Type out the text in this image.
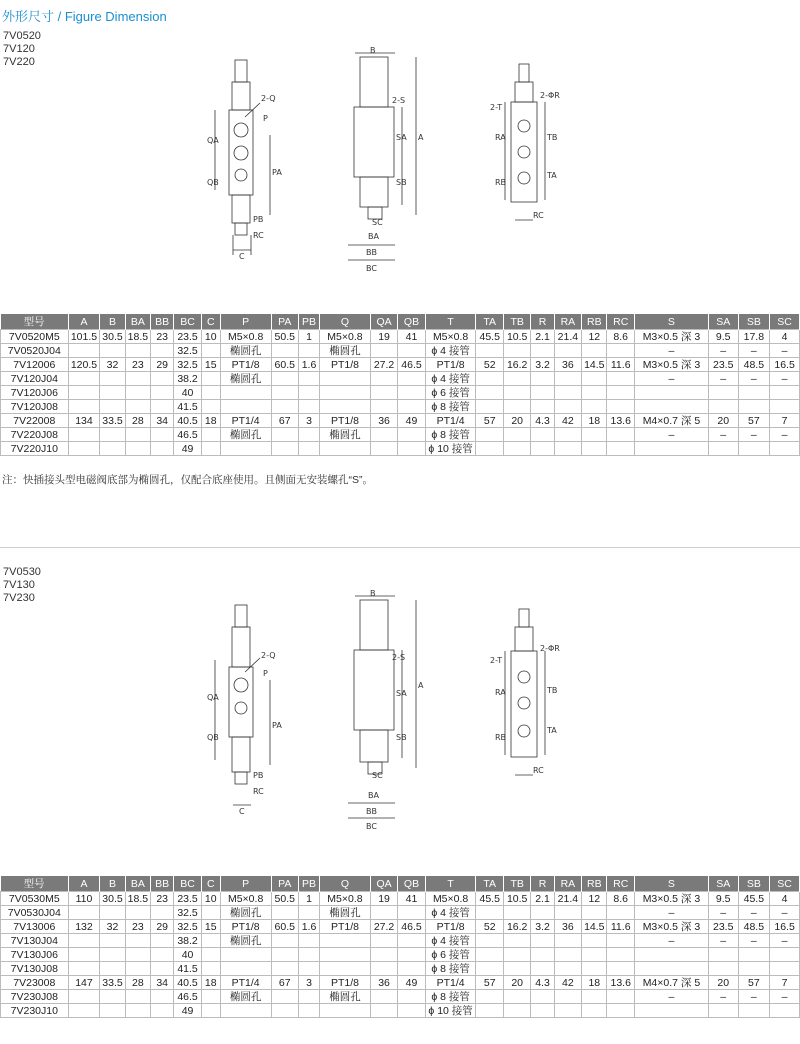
外形尺寸 / Figure Dimension
7V0520
7V120
7V220
2-Q
P
QA
QB
PA
PB
RC
C
B
2-S
A
SA
SB
SC
BA
BB
BC
2-T
2-ΦR
RA
RB
TB
TA
RC
型号	A	B	BA	BB	BC	C	P	PA	PB	Q	QA	QB	T	TA	TB	R	RA	RB	RC	S	SA	SB	SC
7V0520M5	101.5	30.5	18.5	23	23.5	10	M5×0.8	50.5	1	M5×0.8	19	41	M5×0.8	45.5	10.5	2.1	21.4	12	8.6	M3×0.5 深 3	9.5	17.8	4
7V0520J04					32.5		椭圆孔			椭圆孔			ϕ 4 接管							–	–	–	–
7V12006	120.5	32	23	29	32.5	15	PT1/8	60.5	1.6	PT1/8	27.2	46.5	PT1/8	52	16.2	3.2	36	14.5	11.6	M3×0.5 深 3	23.5	48.5	16.5
7V120J04					38.2		椭圆孔						ϕ 4 接管							–	–	–	–
7V120J06					40								ϕ 6 接管										
7V120J08					41.5								ϕ 8 接管										
7V22008	134	33.5	28	34	40.5	18	PT1/4	67	3	PT1/8	36	49	PT1/4	57	20	4.3	42	18	13.6	M4×0.7 深 5	20	57	7
7V220J08					46.5		椭圆孔			椭圆孔			ϕ 8 接管							–	–	–	–
7V220J10					49								ϕ 10 接管										
注：快插接头型电磁阀底部为椭圆孔，仅配合底座使用。且侧面无安装螺孔“S”。
7V0530
7V130
7V230
2-Q
P
QA
QB
PA
PB
RC
C
B
2-S
A
SA
SB
SC
BA
BB
BC
2-T
2-ΦR
RA
RB
TB
TA
RC
型号	A	B	BA	BB	BC	C	P	PA	PB	Q	QA	QB	T	TA	TB	R	RA	RB	RC	S	SA	SB	SC
7V0530M5	110	30.5	18.5	23	23.5	10	M5×0.8	50.5	1	M5×0.8	19	41	M5×0.8	45.5	10.5	2.1	21.4	12	8.6	M3×0.5 深 3	9.5	45.5	4
7V0530J04					32.5		椭圆孔			椭圆孔			ϕ 4 接管							–	–	–	–
7V13006	132	32	23	29	32.5	15	PT1/8	60.5	1.6	PT1/8	27.2	46.5	PT1/8	52	16.2	3.2	36	14.5	11.6	M3×0.5 深 3	23.5	48.5	16.5
7V130J04					38.2		椭圆孔						ϕ 4 接管							–	–	–	–
7V130J06					40								ϕ 6 接管										
7V130J08					41.5								ϕ 8 接管										
7V23008	147	33.5	28	34	40.5	18	PT1/4	67	3	PT1/8	36	49	PT1/4	57	20	4.3	42	18	13.6	M4×0.7 深 5	20	57	7
7V230J08					46.5		椭圆孔			椭圆孔			ϕ 8 接管							–	–	–	–
7V230J10					49								ϕ 10 接管										
